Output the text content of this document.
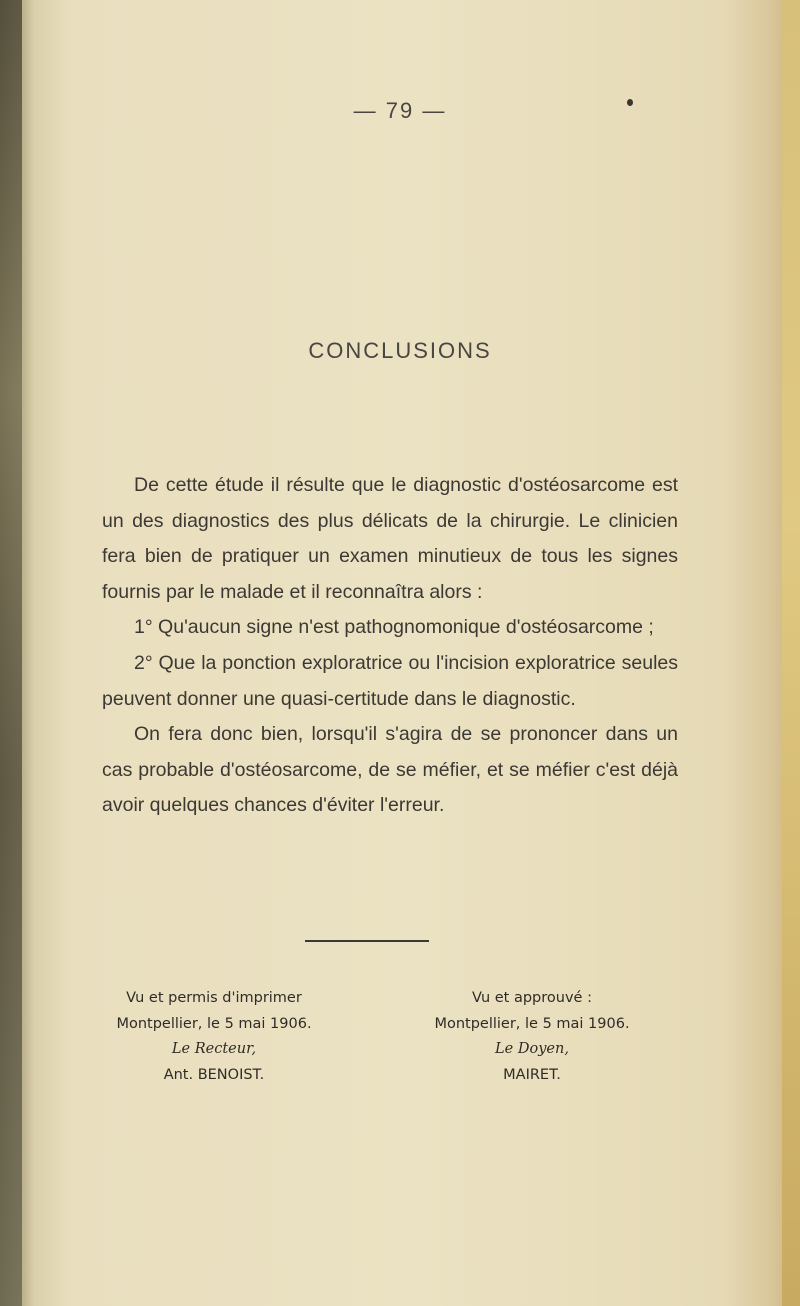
— 79 —
CONCLUSIONS

De cette étude il résulte que le diagnostic d'ostéosarcome est un des diagnostics des plus délicats de la chirurgie. Le clinicien fera bien de pratiquer un examen minutieux de tous les signes fournis par le malade et il reconnaîtra alors :

1° Qu'aucun signe n'est pathognomonique d'ostéosarcome ;

2° Que la ponction exploratrice ou l'incision exploratrice seules peuvent donner une quasi-certitude dans le diagnostic.

On fera donc bien, lorsqu'il s'agira de se prononcer dans un cas probable d'ostéosarcome, de se méfier, et se méfier c'est déjà avoir quelques chances d'éviter l'erreur.

Vu et permis d'imprimer
Montpellier, le 5 mai 1906.
Le Recteur,
Ant. BENOIST.
Vu et approuvé :
Montpellier, le 5 mai 1906.
Le Doyen,
MAIRET.
